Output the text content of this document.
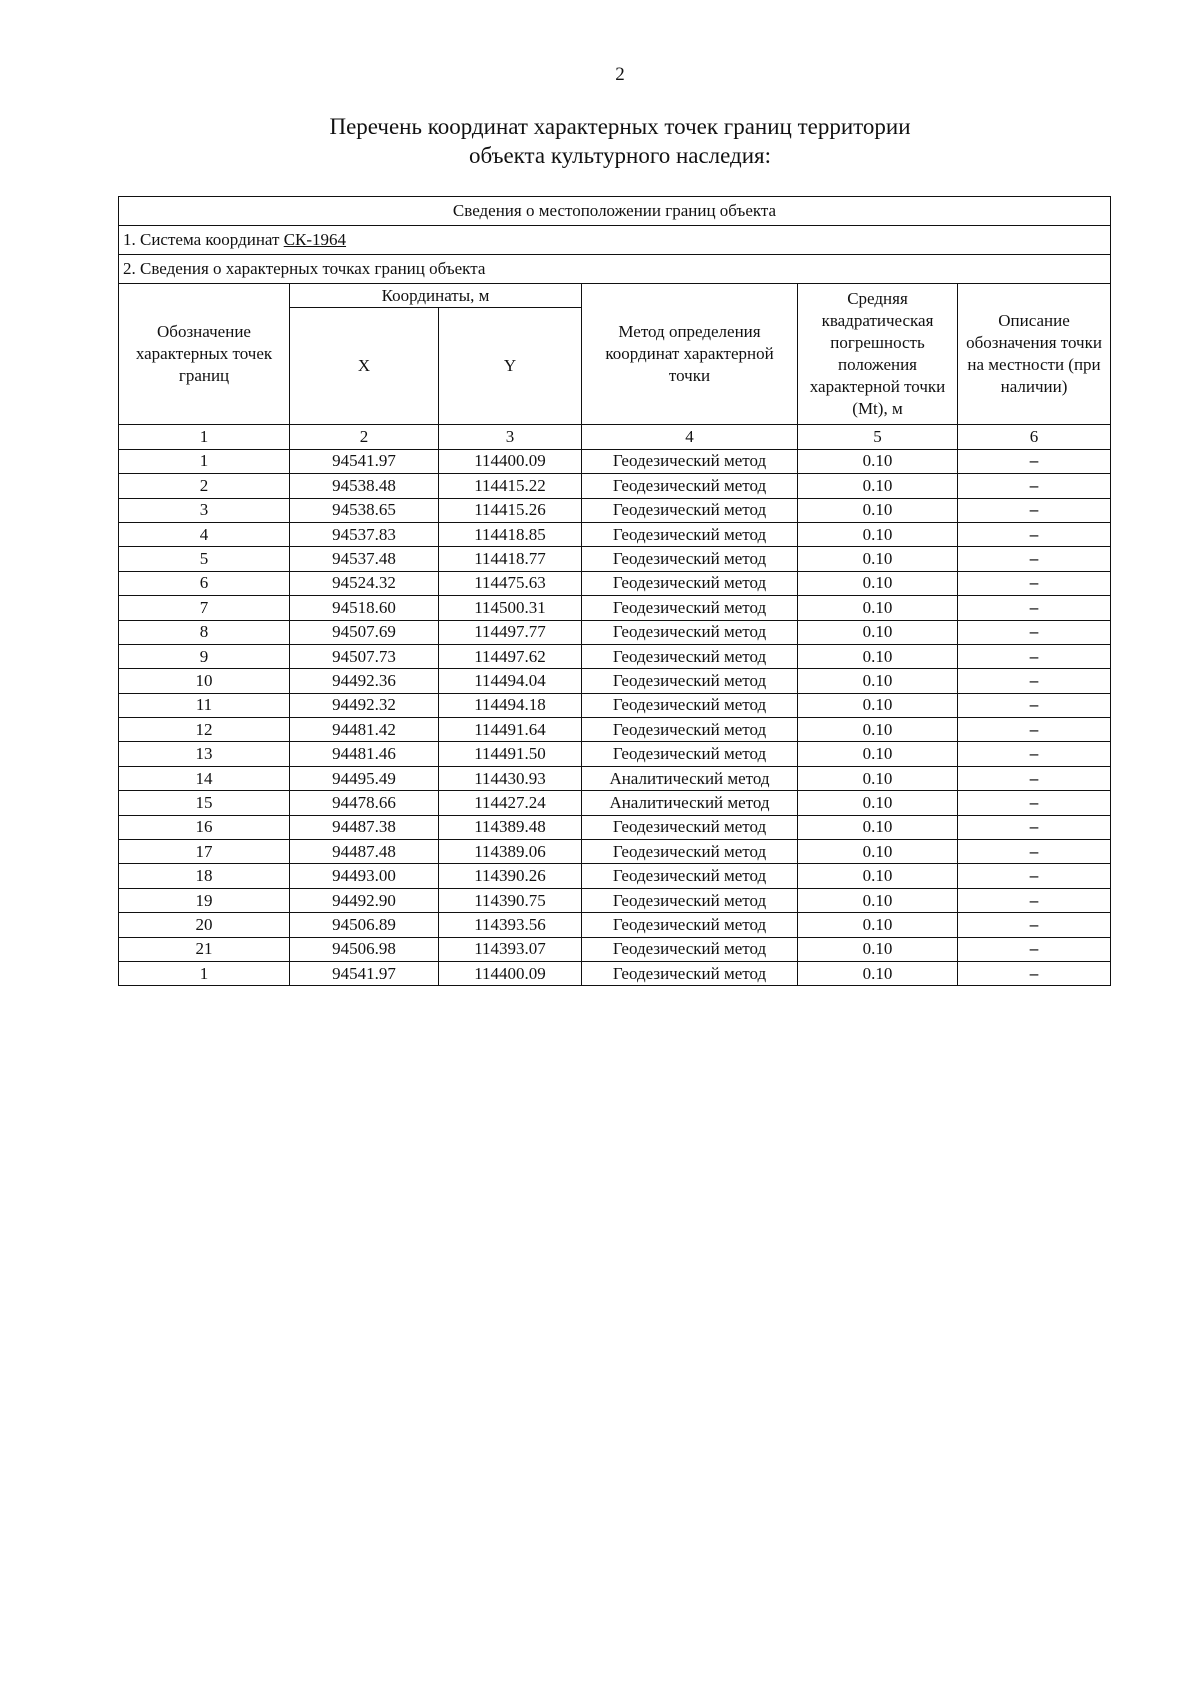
2
Перечень координат характерных точек границ территории
объекта культурного наследия:
Сведения о местоположении границ объекта					
1. Система координат СК-1964					
2. Сведения о характерных точках границ объекта					
Обозначение характерных точек границ	Координаты, м		Метод определения координат характерной точки	Средняя квадратическая погрешность положения характерной точки (Mt), м	Описание обозначения точки на местности (при наличии)
	X	Y			
1	2	3	4	5	6
1	94541.97	114400.09	Геодезический метод	0.10	–
2	94538.48	114415.22	Геодезический метод	0.10	–
3	94538.65	114415.26	Геодезический метод	0.10	–
4	94537.83	114418.85	Геодезический метод	0.10	–
5	94537.48	114418.77	Геодезический метод	0.10	–
6	94524.32	114475.63	Геодезический метод	0.10	–
7	94518.60	114500.31	Геодезический метод	0.10	–
8	94507.69	114497.77	Геодезический метод	0.10	–
9	94507.73	114497.62	Геодезический метод	0.10	–
10	94492.36	114494.04	Геодезический метод	0.10	–
11	94492.32	114494.18	Геодезический метод	0.10	–
12	94481.42	114491.64	Геодезический метод	0.10	–
13	94481.46	114491.50	Геодезический метод	0.10	–
14	94495.49	114430.93	Аналитический метод	0.10	–
15	94478.66	114427.24	Аналитический метод	0.10	–
16	94487.38	114389.48	Геодезический метод	0.10	–
17	94487.48	114389.06	Геодезический метод	0.10	–
18	94493.00	114390.26	Геодезический метод	0.10	–
19	94492.90	114390.75	Геодезический метод	0.10	–
20	94506.89	114393.56	Геодезический метод	0.10	–
21	94506.98	114393.07	Геодезический метод	0.10	–
1	94541.97	114400.09	Геодезический метод	0.10	–
